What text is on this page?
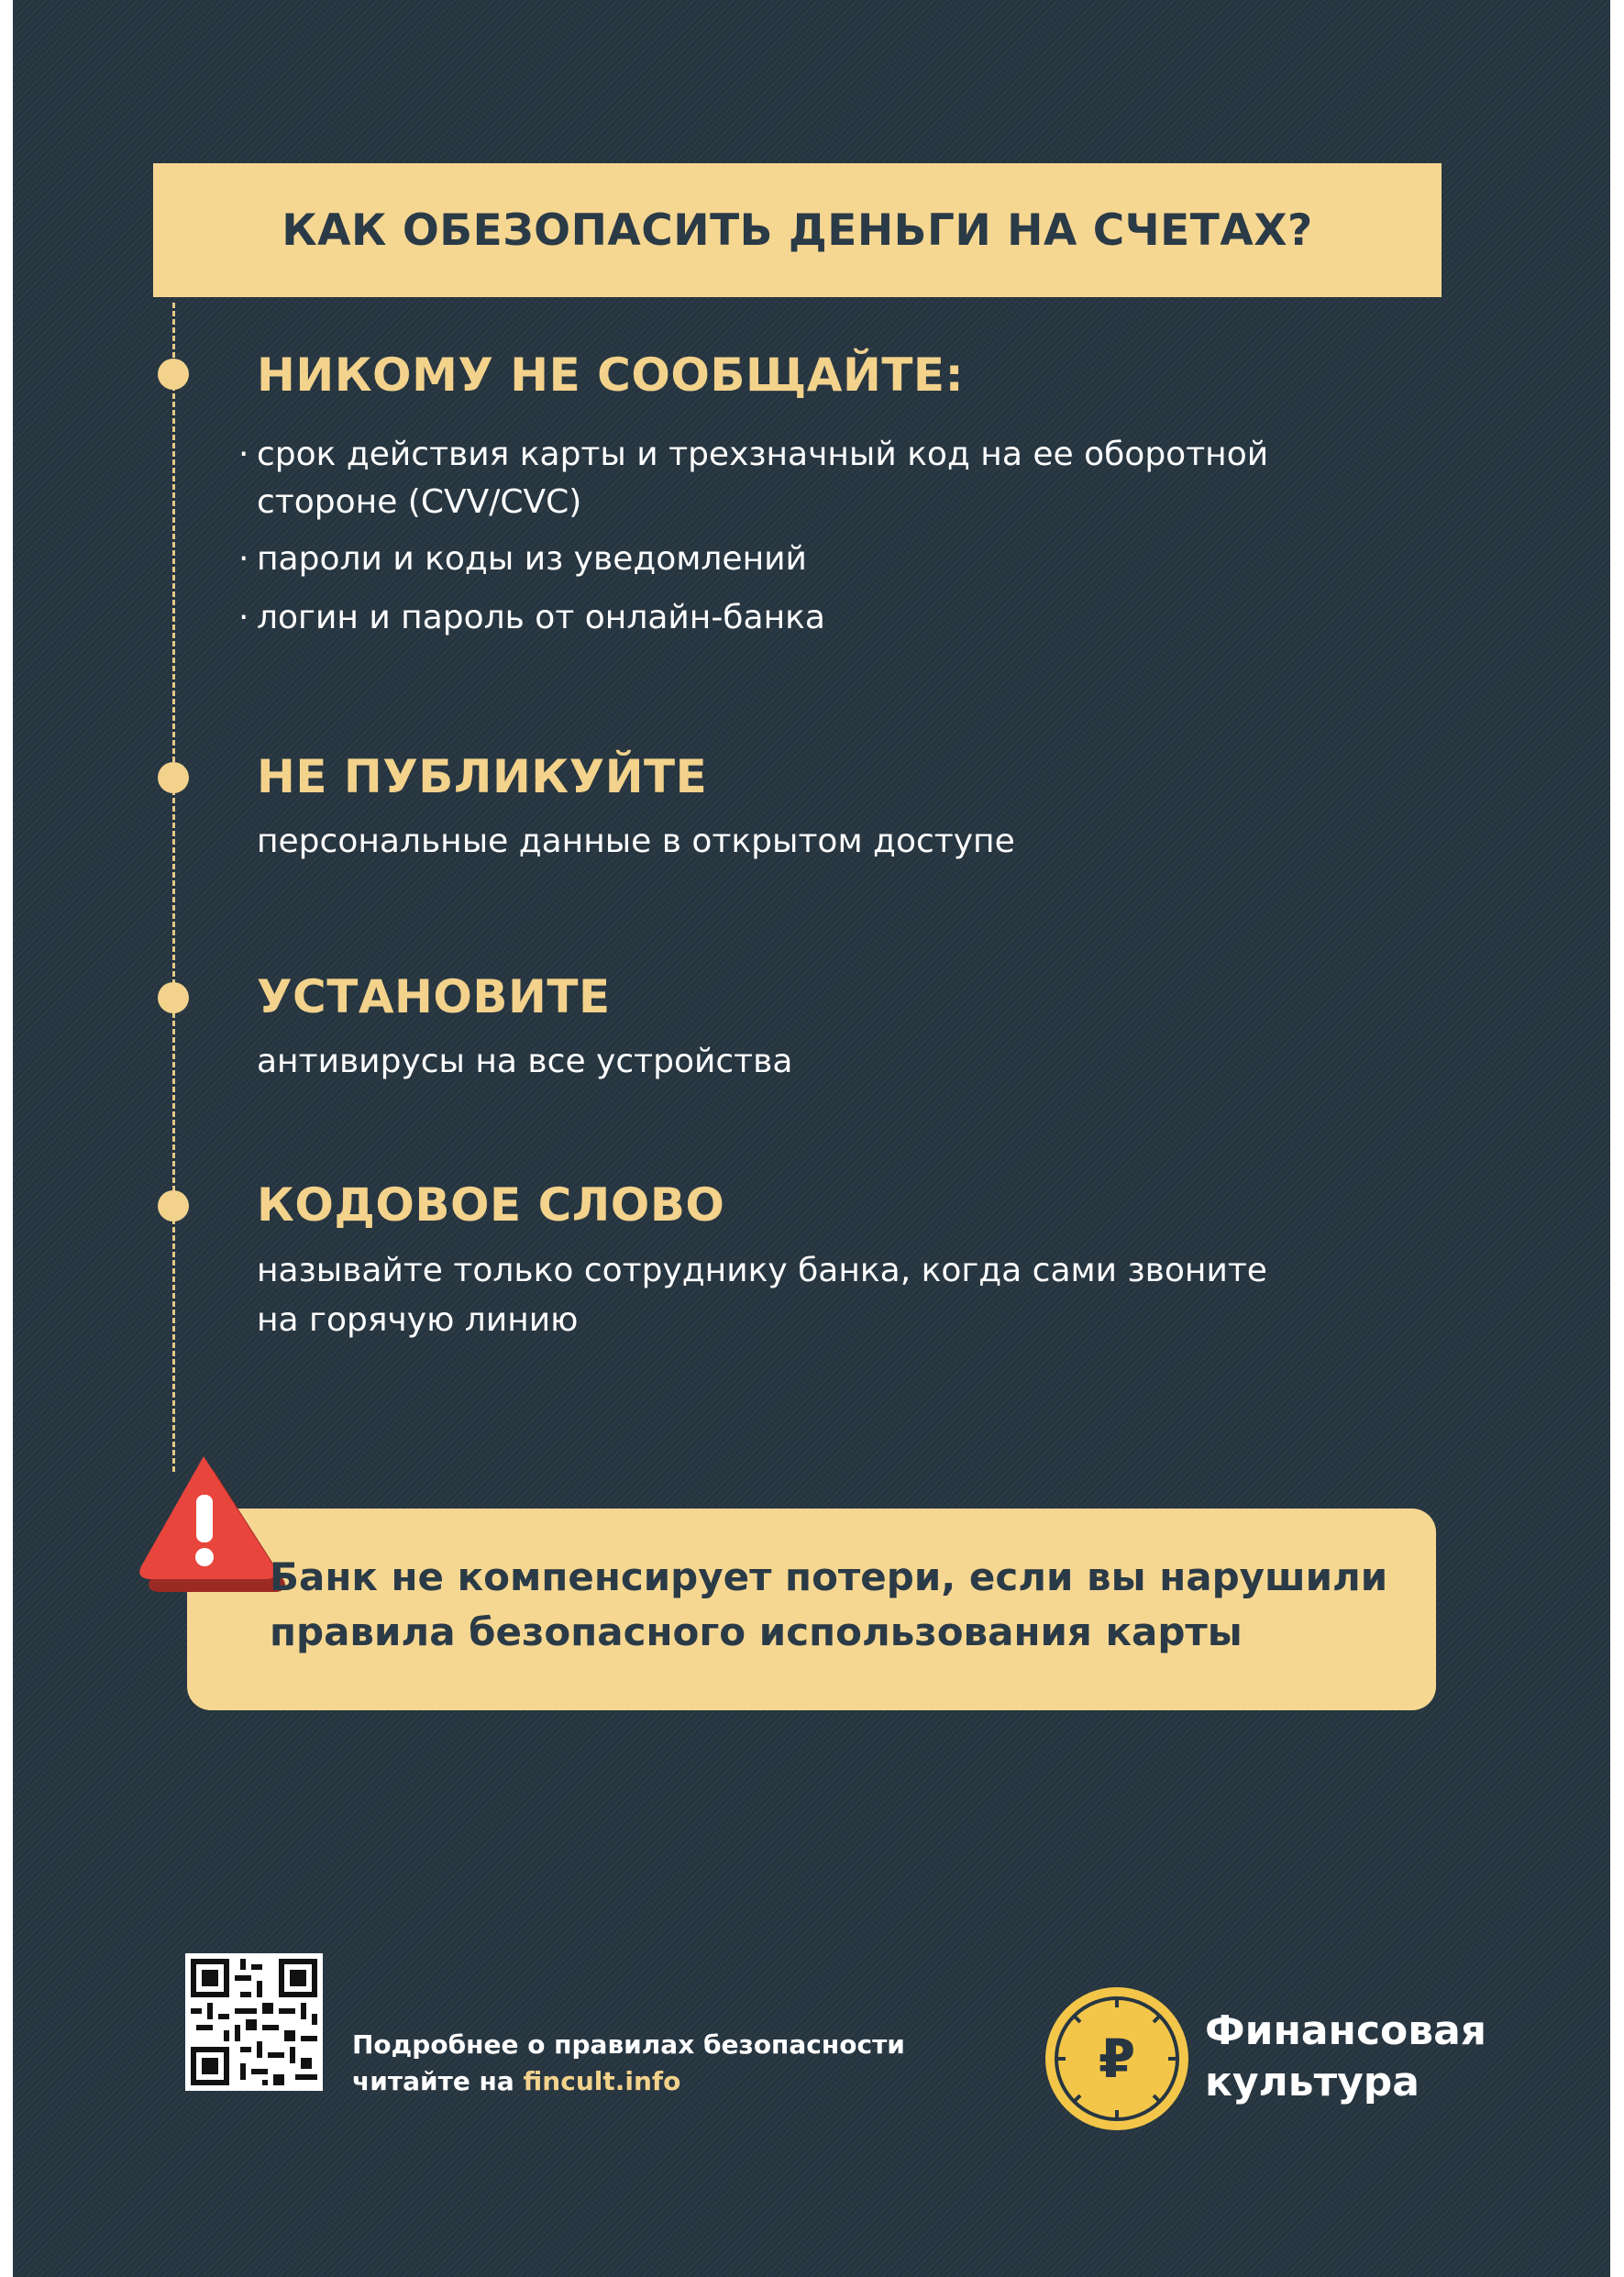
КАК ОБЕЗОПАСИТЬ ДЕНЬГИ НА СЧЕТАХ?
НИКОМУ НЕ СООБЩАЙТЕ:
· срок действия карты и трехзначный код на ее оборотной
стороне (CVV/CVC)
· пароли и коды из уведомлений
· логин и пароль от онлайн-банка
НЕ ПУБЛИКУЙТЕ
персональные данные в открытом доступе
УСТАНОВИТЕ
антивирусы на все устройства
КОДОВОЕ СЛОВО
называйте только сотруднику банка, когда сами звоните
на горячую линию
Банк не компенсирует потери, если вы нарушили
правила безопасного использования карты
Подробнее о правилах безопасности
читайте на fincult.info	₽ Финансовая
культура
